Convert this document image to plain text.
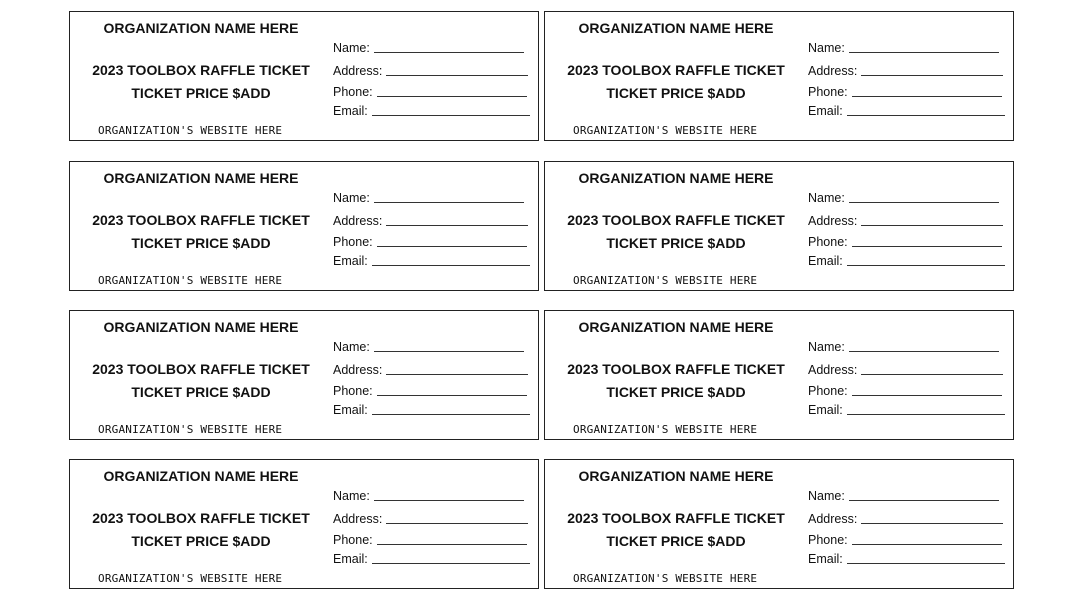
ORGANIZATION NAME HERE
2023 TOOLBOX RAFFLE TICKET
TICKET PRICE $ADD
ORGANIZATION'S WEBSITE HERE
Name:
Address:
Phone:
Email:
ORGANIZATION NAME HERE
2023 TOOLBOX RAFFLE TICKET
TICKET PRICE $ADD
ORGANIZATION'S WEBSITE HERE
Name:
Address:
Phone:
Email:
ORGANIZATION NAME HERE
2023 TOOLBOX RAFFLE TICKET
TICKET PRICE $ADD
ORGANIZATION'S WEBSITE HERE
Name:
Address:
Phone:
Email:
ORGANIZATION NAME HERE
2023 TOOLBOX RAFFLE TICKET
TICKET PRICE $ADD
ORGANIZATION'S WEBSITE HERE
Name:
Address:
Phone:
Email:
ORGANIZATION NAME HERE
2023 TOOLBOX RAFFLE TICKET
TICKET PRICE $ADD
ORGANIZATION'S WEBSITE HERE
Name:
Address:
Phone:
Email:
ORGANIZATION NAME HERE
2023 TOOLBOX RAFFLE TICKET
TICKET PRICE $ADD
ORGANIZATION'S WEBSITE HERE
Name:
Address:
Phone:
Email:
ORGANIZATION NAME HERE
2023 TOOLBOX RAFFLE TICKET
TICKET PRICE $ADD
ORGANIZATION'S WEBSITE HERE
Name:
Address:
Phone:
Email:
ORGANIZATION NAME HERE
2023 TOOLBOX RAFFLE TICKET
TICKET PRICE $ADD
ORGANIZATION'S WEBSITE HERE
Name:
Address:
Phone:
Email:
